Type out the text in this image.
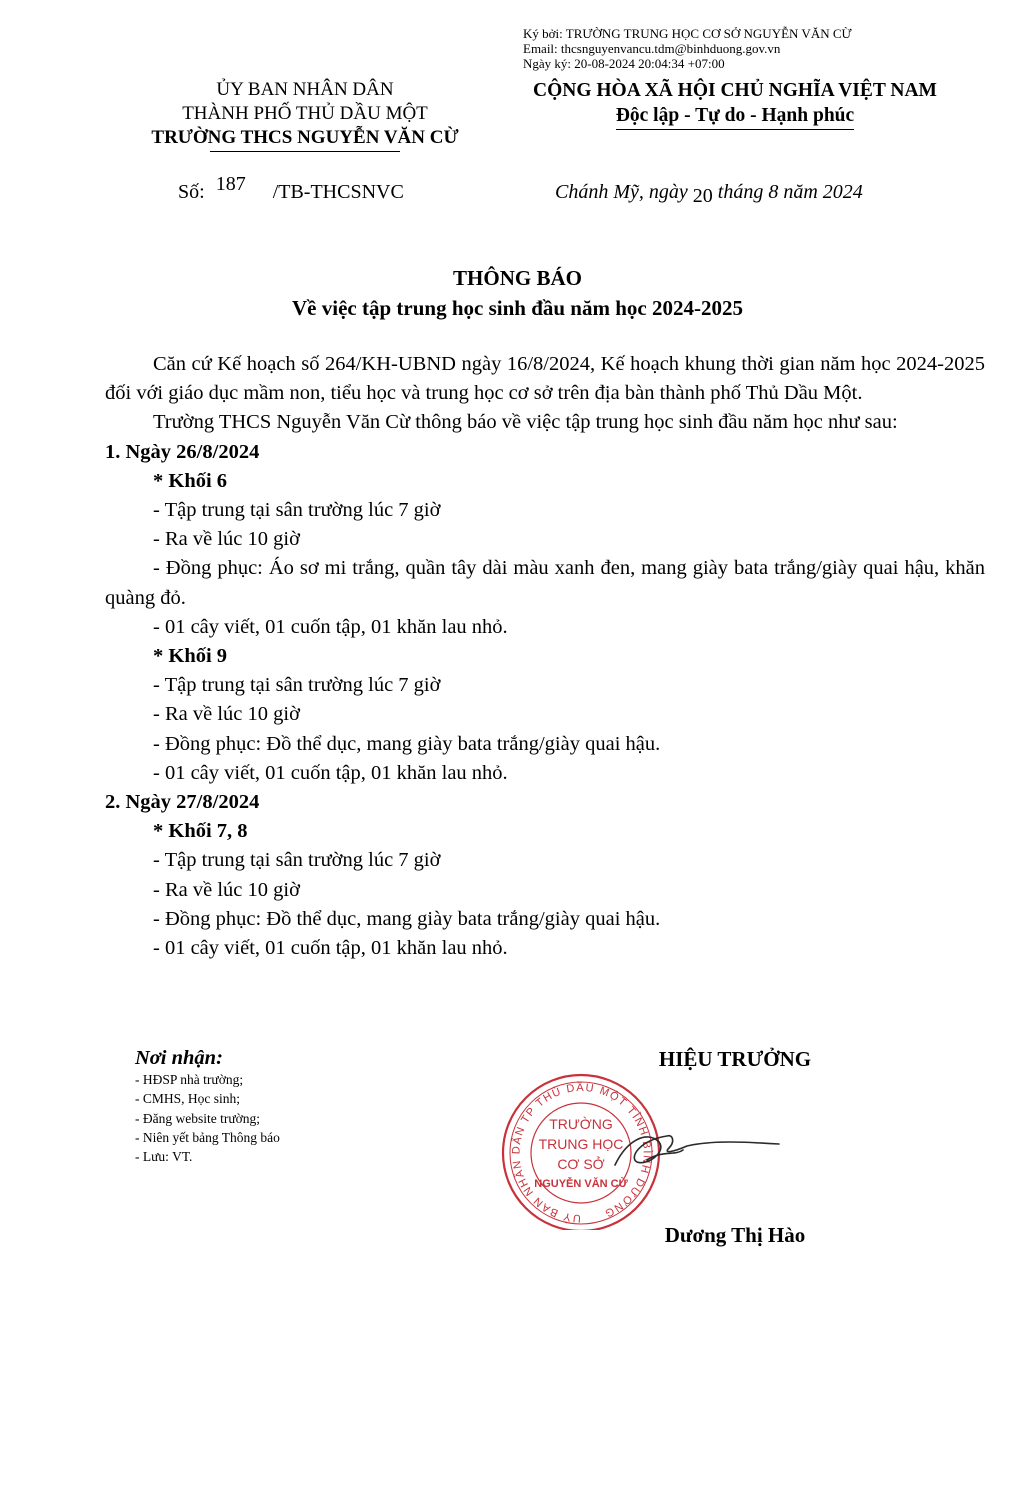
Ký bởi: TRƯỜNG TRUNG HỌC CƠ SỞ NGUYỄN VĂN CỪ
Email: thcsnguyenvancu.tdm@binhduong.gov.vn
Ngày ký: 20-08-2024 20:04:34 +07:00
ỦY BAN NHÂN DÂN
THÀNH PHỐ THỦ DẦU MỘT
TRƯỜNG THCS NGUYỄN VĂN CỪ
CỘNG HÒA XÃ HỘI CHỦ NGHĨA VIỆT NAM
Độc lập - Tự do - Hạnh phúc
Số: 187 /TB-THCSNVC	Chánh Mỹ, ngày 20 tháng 8 năm 2024
THÔNG BÁO
Về việc tập trung học sinh đầu năm học 2024-2025

Căn cứ Kế hoạch số 264/KH-UBND ngày 16/8/2024, Kế hoạch khung thời gian năm học 2024-2025 đối với giáo dục mầm non, tiểu học và trung học cơ sở trên địa bàn thành phố Thủ Dầu Một.

Trường THCS Nguyễn Văn Cừ thông báo về việc tập trung học sinh đầu năm học như sau:

1. Ngày 26/8/2024

* Khối 6

- Tập trung tại sân trường lúc 7 giờ

- Ra về lúc 10 giờ

- Đồng phục: Áo sơ mi trắng, quần tây dài màu xanh đen, mang giày bata trắng/giày quai hậu, khăn quàng đỏ.

- 01 cây viết, 01 cuốn tập, 01 khăn lau nhỏ.

* Khối 9

- Tập trung tại sân trường lúc 7 giờ

- Ra về lúc 10 giờ

- Đồng phục: Đồ thể dục, mang giày bata trắng/giày quai hậu.

- 01 cây viết, 01 cuốn tập, 01 khăn lau nhỏ.

2. Ngày 27/8/2024

* Khối 7, 8

- Tập trung tại sân trường lúc 7 giờ

- Ra về lúc 10 giờ

- Đồng phục: Đồ thể dục, mang giày bata trắng/giày quai hậu.

- 01 cây viết, 01 cuốn tập, 01 khăn lau nhỏ.

Nơi nhận:
- HĐSP nhà trường;
- CMHS, Học sinh;
- Đăng website trường;
- Niên yết bảng Thông báo
- Lưu: VT.
HIỆU TRƯỞNG
UỶ BAN NHÂN DÂN TP THỦ DẦU MỘT TỈNH BÌNH DƯƠNG
TRƯỜNG
TRUNG HỌC
CƠ SỞ
NGUYỄN VĂN CỪ
Dương Thị Hào
